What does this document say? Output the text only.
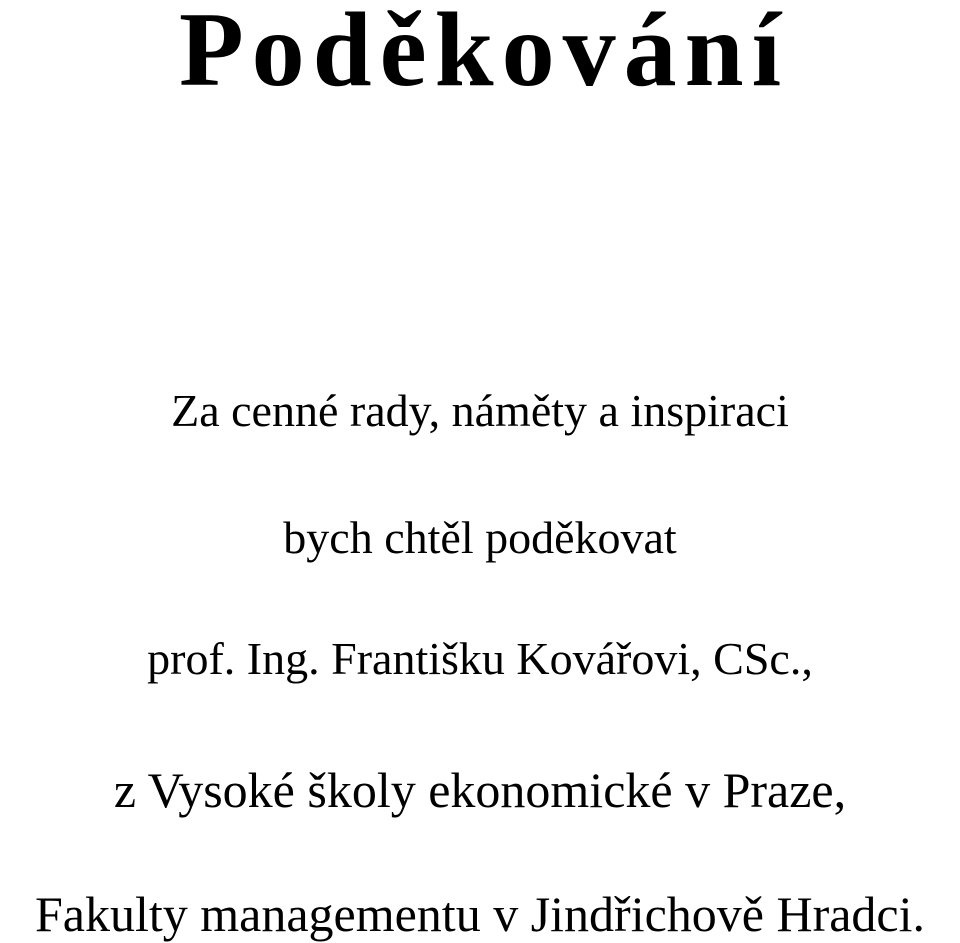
Poděkování

Za cenné rady, náměty a inspiraci

bych chtěl poděkovat

prof. Ing. Františku Kovářovi, CSc.,

z Vysoké školy ekonomické v Praze,

Fakulty managementu v Jindřichově Hradci.
